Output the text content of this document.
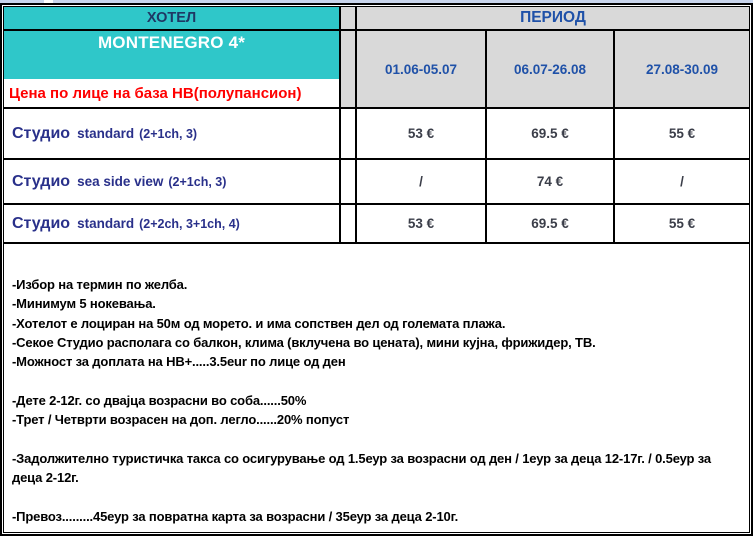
ХОТЕЛ	ПЕРИОД
MONTENEGRO 4*
Цена по лице на база НВ(полупансион)
01.06-05.07	06.07-26.08	27.08-30.09
Студио standard (2+1ch, 3)	53 €	69.5 €	55 €
Студио sea side view (2+1ch, 3)	/	74 €	/
Студио standard (2+2ch, 3+1ch, 4)	53 €	69.5 €	55 €
-Избор на термин по желба.
-Минимум 5 нокевања.
-Хотелот е лоциран на 50м од морето. и има сопствен дел од големата плажа.
-Секое Студио располага со балкон, клима (вклучена во цената), мини кујна, фрижидер, ТВ.
-Можност за доплата на НВ+.....3.5eur по лице од ден
-Дете 2-12г. со двајца возрасни во соба......50%
-Трет / Четврти возрасен на доп. легло......20% попуст
-Задолжително туристичка такса со осигурување од 1.5еур за возрасни од ден / 1еур за деца 12-17г. / 0.5еур за деца 2-12г.
-Превоз.........45еур за повратна карта за возрасни / 35еур за деца 2-10г.
